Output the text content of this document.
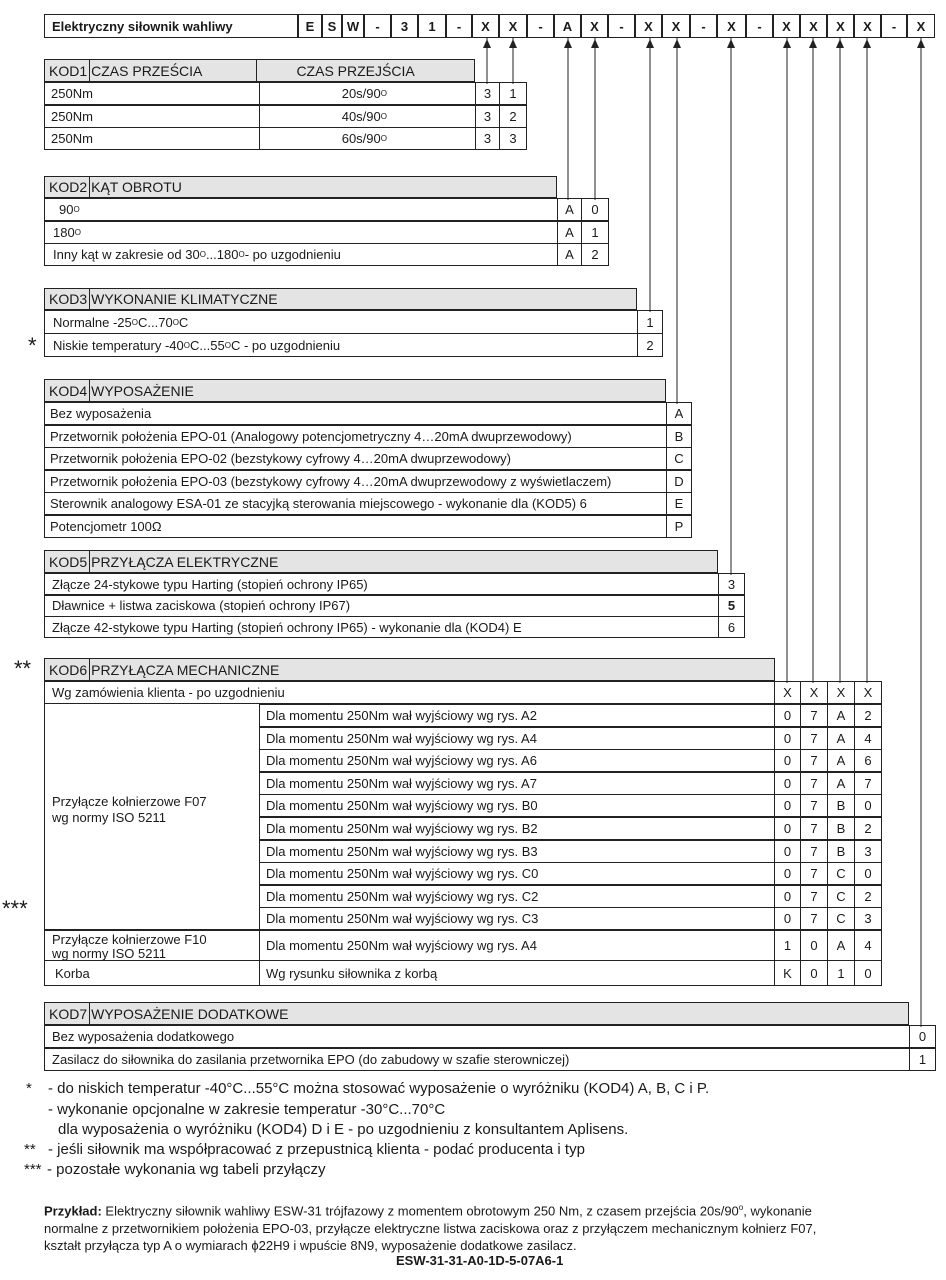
Elektryczny siłownik wahliwy	E	S W	-	3	1	-	X	X	-	A	X	-	X	X	-	X	-	X	X	X	X	-	X
KOD1 CZAS PRZEŚCIA	CZAS PRZEJŚCIA
250Nm	20s/90 O	3	1
250Nm	40s/90 O	3	2
250Nm	60s/90 O	3	3
KOD2 KĄT OBROTU
90 O	A	0
180 O	A	1
Inny kąt w zakresie od 30 O ...180 O - po uzgodnieniu	A	2
KOD3 WYKONANIE KLIMATYCZNE
Normalne -25 O C...70 O C	1
Niskie temperatury -40 O C...55 O C - po uzgodnieniu	2
*
KOD4 WYPOSAŻENIE
Bez wyposażenia	A
Przetwornik położenia EPO-01 (Analogowy potencjometryczny 4…20mA dwuprzewodowy)	B
Przetwornik położenia EPO-02 (bezstykowy cyfrowy 4…20mA dwuprzewodowy)	C
Przetwornik położenia EPO-03 (bezstykowy cyfrowy 4…20mA dwuprzewodowy z wyświetlaczem)	D
Sterownik analogowy ESA-01 ze stacyjką sterowania miejscowego - wykonanie dla (KOD5) 6	E
Potencjometr 100Ω	P
KOD5 PRZYŁĄCZA ELEKTRYCZNE
Złącze 24-stykowe typu Harting (stopień ochrony IP65)	3
Dławnice + listwa zaciskowa (stopień ochrony IP67)	5
Złącze 42-stykowe typu Harting (stopień ochrony IP65) - wykonanie dla (KOD4) E	6
KOD6 PRZYŁĄCZA MECHANICZNE
**
Wg zamówienia klienta - po uzgodnieniu	X	X	X	X
Przyłącze kołnierzowe F07
wg normy ISO 5211
Dla momentu 250Nm wał wyjściowy wg rys. A2	0	7	A	2
Dla momentu 250Nm wał wyjściowy wg rys. A4	0	7	A	4
Dla momentu 250Nm wał wyjściowy wg rys. A6	0	7	A	6
Dla momentu 250Nm wał wyjściowy wg rys. A7	0	7	A	7
Dla momentu 250Nm wał wyjściowy wg rys. B0	0	7	B	0
Dla momentu 250Nm wał wyjściowy wg rys. B2	0	7	B	2
Dla momentu 250Nm wał wyjściowy wg rys. B3	0	7	B	3
Dla momentu 250Nm wał wyjściowy wg rys. C0	0	7	C	0
Dla momentu 250Nm wał wyjściowy wg rys. C2	0	7	C	2
Dla momentu 250Nm wał wyjściowy wg rys. C3	0	7	C	3
***
Przyłącze kołnierzowe F10
wg normy ISO 5211
Dla momentu 250Nm wał wyjściowy wg rys. A4	1	0	A	4
Korba	Wg rysunku siłownika z korbą	K	0	1	0
KOD7 WYPOSAŻENIE DODATKOWE
Bez wyposażenia dodatkowego	0
Zasilacz do siłownika do zasilania przetwornika EPO (do zabudowy w szafie sterowniczej)	1
* - do niskich temperatur -40°C...55°C można stosować wyposażenie o wyróżniku (KOD4) A, B, C i P.
- wykonanie opcjonalne w zakresie temperatur -30°C...70°C
dla wyposażenia o wyróżniku (KOD4) D i E - po uzgodnieniu z konsultantem Aplisens.
** - jeśli siłownik ma współpracować z przepustnicą klienta - podać producenta i typ
*** - pozostałe wykonania wg tabeli przyłączy
Przykład: Elektryczny siłownik wahliwy ESW-31 trójfazowy z momentem obrotowym 250 Nm, z czasem przejścia 20s/90$^o$, wykonanie
normalne z przetwornikiem położenia EPO-03, przyłącze elektryczne listwa zaciskowa oraz z przyłączem mechanicznym kołnierz F07,
kształt przyłącza typ A o wymiarach ϕ22H9 i wpuście 8N9, wyposażenie dodatkowe zasilacz.
ESW-31-31-A0-1D-5-07A6-1
